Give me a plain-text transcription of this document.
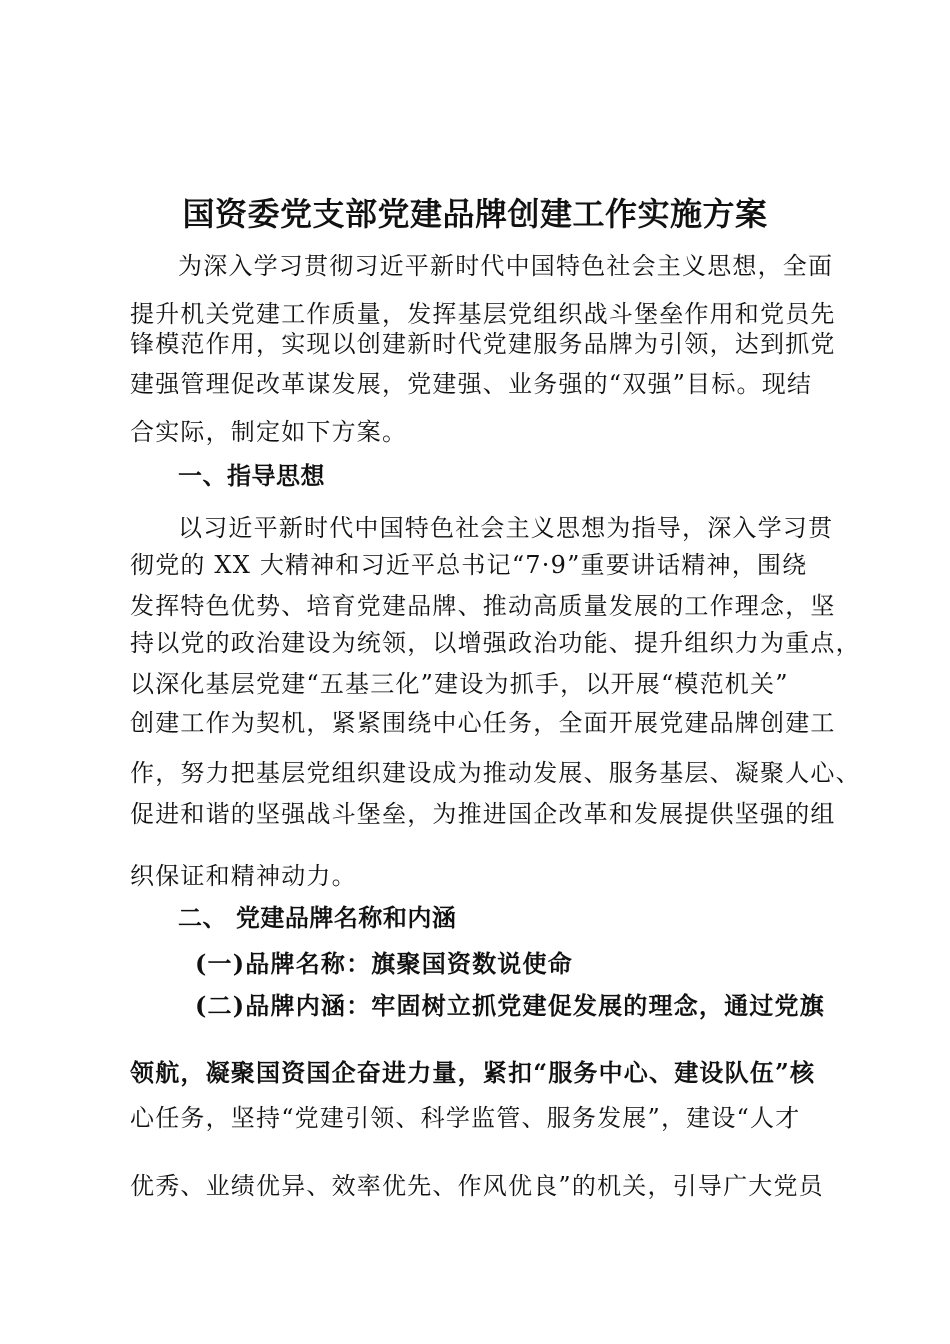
国资委党支部党建品牌创建工作实施方案
为深入学习贯彻习近平新时代中国特色社会主义思想，全面
提升机关党建工作质量，发挥基层党组织战斗堡垒作用和党员先
锋模范作用，实现以创建新时代党建服务品牌为引领，达到抓党
建强管理促改革谋发展，党建强、业务强的“双强”目标。现结
合实际，制定如下方案。
一、指导思想
以习近平新时代中国特色社会主义思想为指导，深入学习贯
彻党的 XX 大精神和习近平总书记“7·9”重要讲话精神，围绕
发挥特色优势、培育党建品牌、推动高质量发展的工作理念，坚
持以党的政治建设为统领，以增强政治功能、提升组织力为重点，
以深化基层党建“五基三化”建设为抓手，以开展“模范机关”
创建工作为契机，紧紧围绕中心任务，全面开展党建品牌创建工
作，努力把基层党组织建设成为推动发展、服务基层、凝聚人心、
促进和谐的坚强战斗堡垒，为推进国企改革和发展提供坚强的组
织保证和精神动力。
二、 党建品牌名称和内涵
(一)品牌名称：旗聚国资数说使命
(二)品牌内涵：牢固树立抓党建促发展的理念，通过党旗
领航，凝聚国资国企奋进力量，紧扣“服务中心、建设队伍”核
心任务，坚持“党建引领、科学监管、服务发展”，建设“人才
优秀、业绩优异、效率优先、作风优良”的机关，引导广大党员
